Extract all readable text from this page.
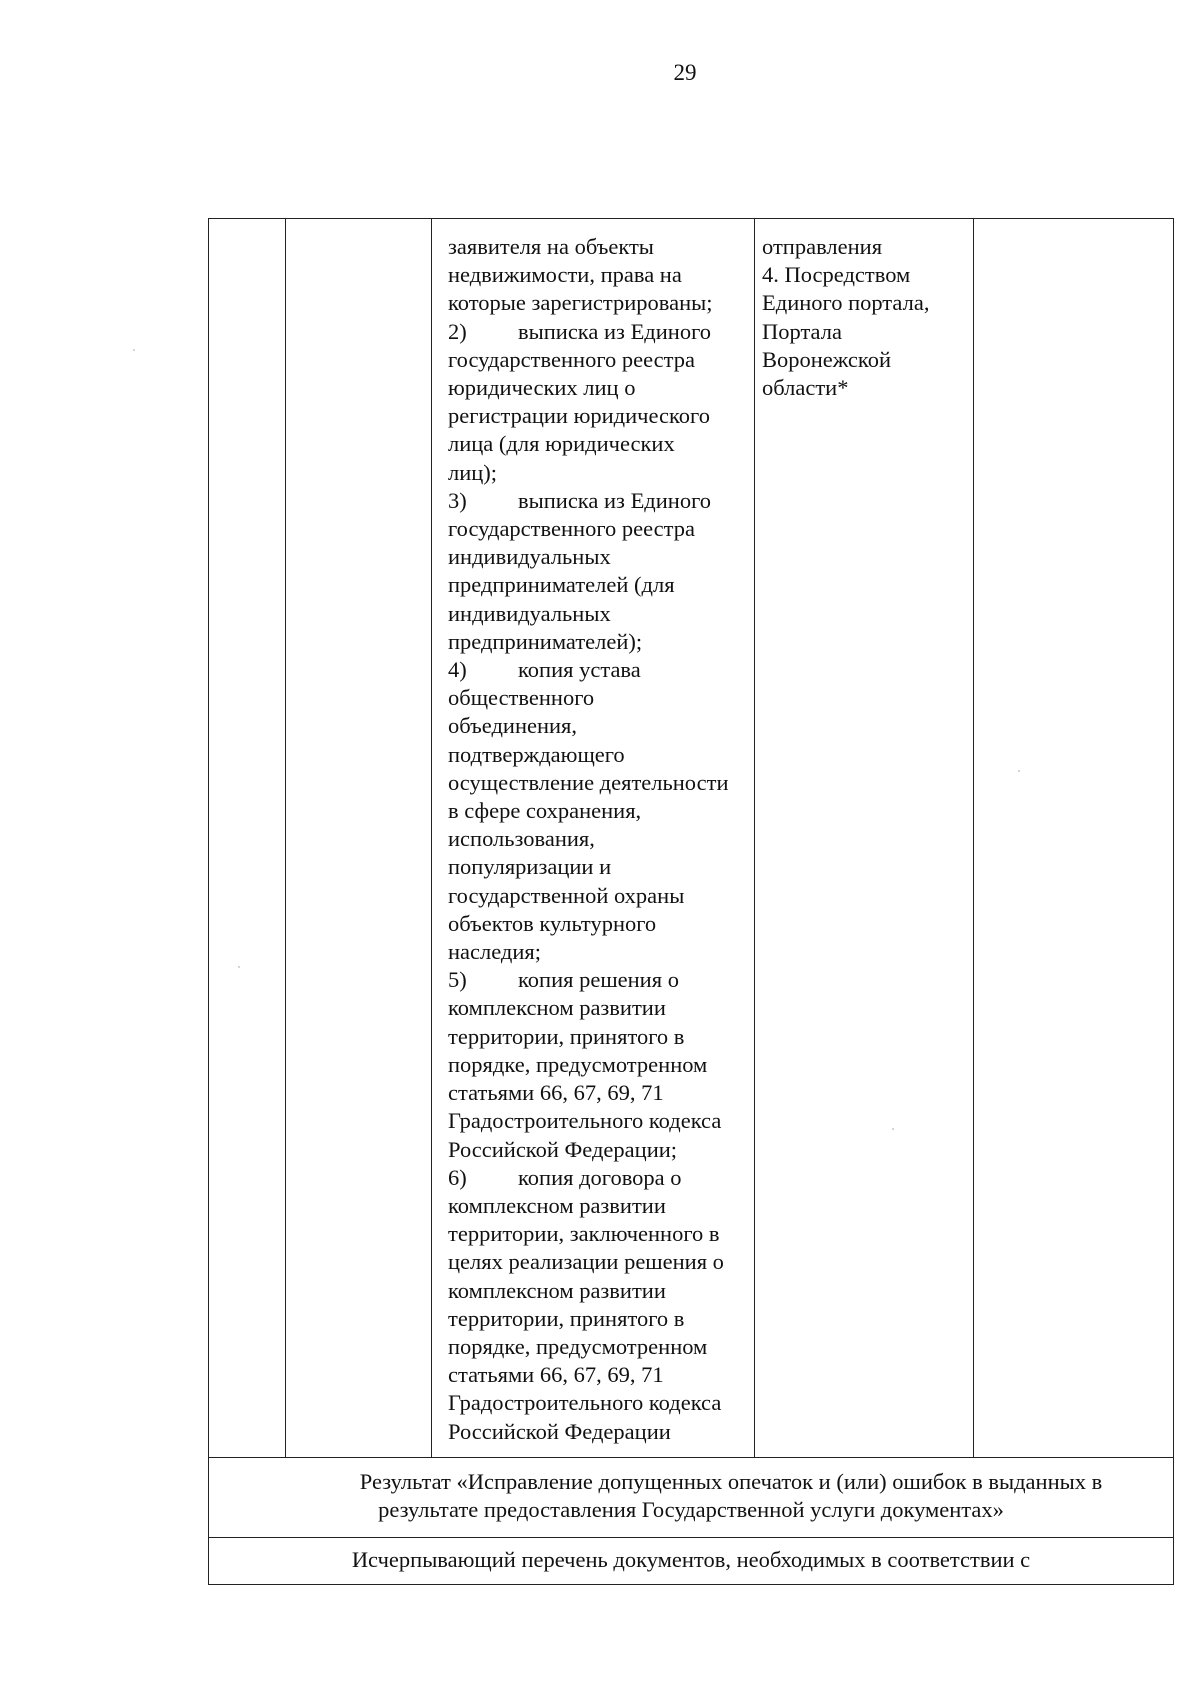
29
заявителя на объекты
недвижимости, права на
которые зарегистрированы;
2) выписка из Единого
государственного реестра
юридических лиц о
регистрации юридического
лица (для юридических
лиц);
3) выписка из Единого
государственного реестра
индивидуальных
предпринимателей (для
индивидуальных
предпринимателей);
4) копия устава
общественного
объединения,
подтверждающего
осуществление деятельности
в сфере сохранения,
использования,
популяризации и
государственной охраны
объектов культурного
наследия;
5) копия решения о
комплексном развитии
территории, принятого в
порядке, предусмотренном
статьями 66, 67, 69, 71
Градостроительного кодекса
Российской Федерации;
6) копия договора о
комплексном развитии
территории, заключенного в
целях реализации решения о
комплексном развитии
территории, принятого в
порядке, предусмотренном
статьями 66, 67, 69, 71
Градостроительного кодекса
Российской Федерации
отправления
4. Посредством
Единого портала,
Портала
Воронежской
области*
Результат «Исправление допущенных опечаток и (или) ошибок в выданных в
результате предоставления Государственной услуги документах»
Исчерпывающий перечень документов, необходимых в соответствии с
